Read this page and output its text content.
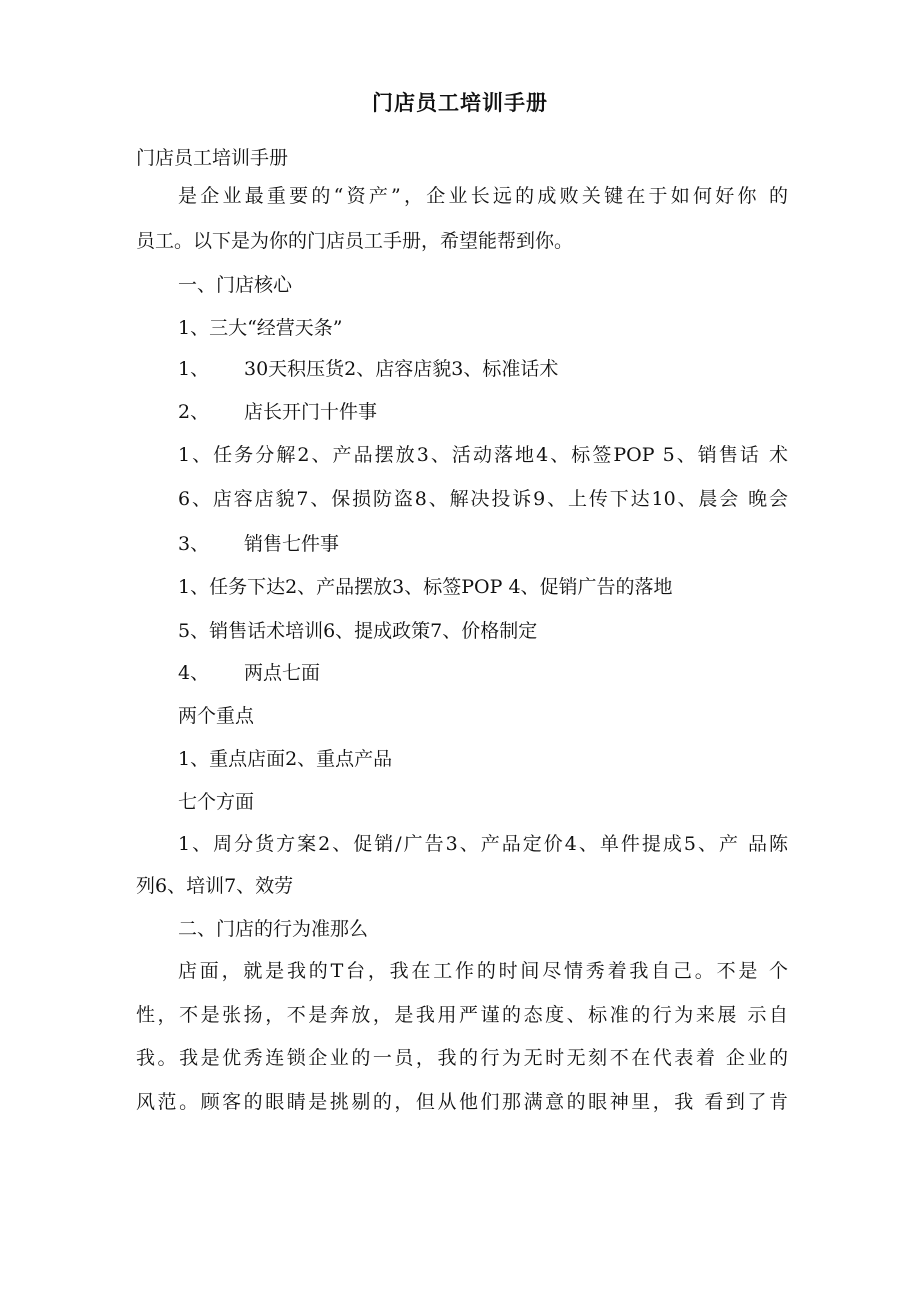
门店员工培训手册
门店员工培训手册
是企业最重要的“资产”，企业长远的成败关键在于如何好你 的
员工。以下是为你的门店员工手册，希望能帮到你。
一、门店核心
1、三大“经营天条”
1、 30天积压货2、店容店貌3、标准话术
2、 店长开门十件事
1、任务分解2、产品摆放3、活动落地4、标签POP 5、销售话 术
6、店容店貌7、保损防盗8、解决投诉9、上传下达10、晨会 晚会
3、 销售七件事
1、任务下达2、产品摆放3、标签POP 4、促销广告的落地
5、销售话术培训6、提成政策7、价格制定
4、 两点七面
两个重点
1、重点店面2、重点产品
七个方面
1、周分货方案2、促销/广告3、产品定价4、单件提成5、产 品陈
列6、培训7、效劳
二、门店的行为准那么
店面，就是我的T台，我在工作的时间尽情秀着我自己。不是 个
性，不是张扬，不是奔放，是我用严谨的态度、标准的行为来展 示自
我。我是优秀连锁企业的一员，我的行为无时无刻不在代表着 企业的
风范。顾客的眼睛是挑剔的，但从他们那满意的眼神里，我 看到了肯
